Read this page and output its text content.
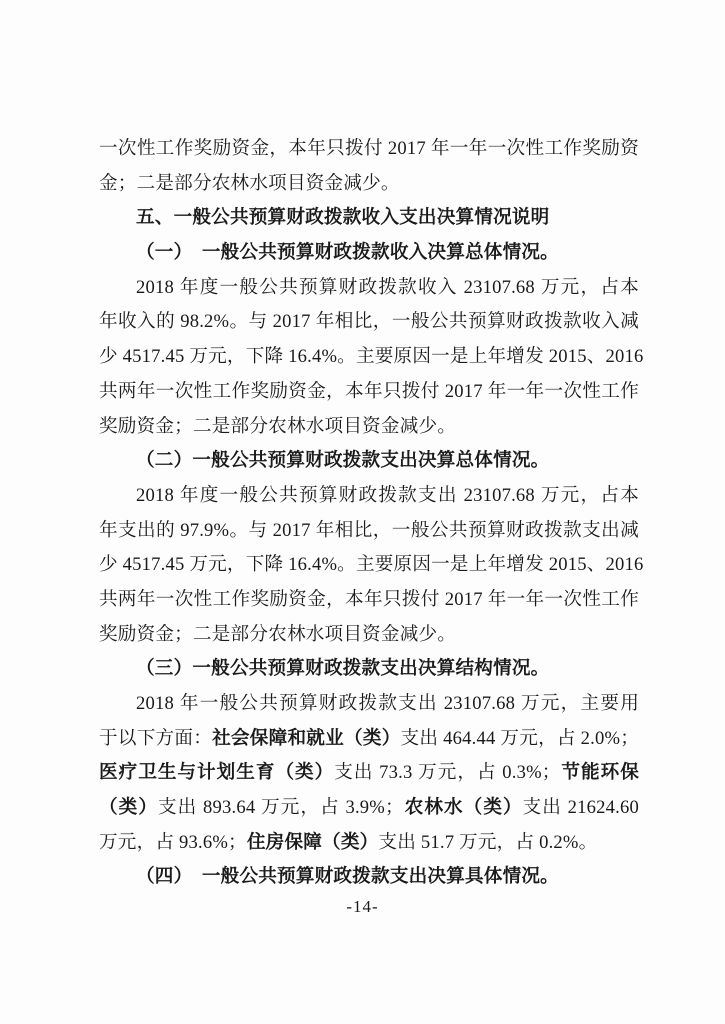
一次性工作奖励资金，本年只拨付 2017 年一年一次性工作奖励资
金；二是部分农林水项目资金减少。
五、一般公共预算财政拨款收入支出决算情况说明
（一）　一般公共预算财政拨款收入决算总体情况。
2018 年度一般公共预算财政拨款收入 23107.68 万元，占本
年收入的 98.2%。与 2017 年相比，一般公共预算财政拨款收入减
少 4517.45 万元，下降 16.4%。主要原因一是上年增发 2015、2016
共两年一次性工作奖励资金，本年只拨付 2017 年一年一次性工作
奖励资金；二是部分农林水项目资金减少。
（二）一般公共预算财政拨款支出决算总体情况。
2018 年度一般公共预算财政拨款支出 23107.68 万元，占本
年支出的 97.9%。与 2017 年相比，一般公共预算财政拨款支出减
少 4517.45 万元，下降 16.4%。主要原因一是上年增发 2015、2016
共两年一次性工作奖励资金，本年只拨付 2017 年一年一次性工作
奖励资金；二是部分农林水项目资金减少。
（三）一般公共预算财政拨款支出决算结构情况。
2018 年一般公共预算财政拨款支出 23107.68 万元，主要用
于以下方面：社会保障和就业（类）支出 464.44 万元，占 2.0%；
医疗卫生与计划生育（类）支出 73.3 万元，占 0.3%；节能环保
（类）支出 893.64 万元，占 3.9%；农林水（类）支出 21624.60
万元，占 93.6%；住房保障（类）支出 51.7 万元，占 0.2%。
（四）　一般公共预算财政拨款支出决算具体情况。
-14-
